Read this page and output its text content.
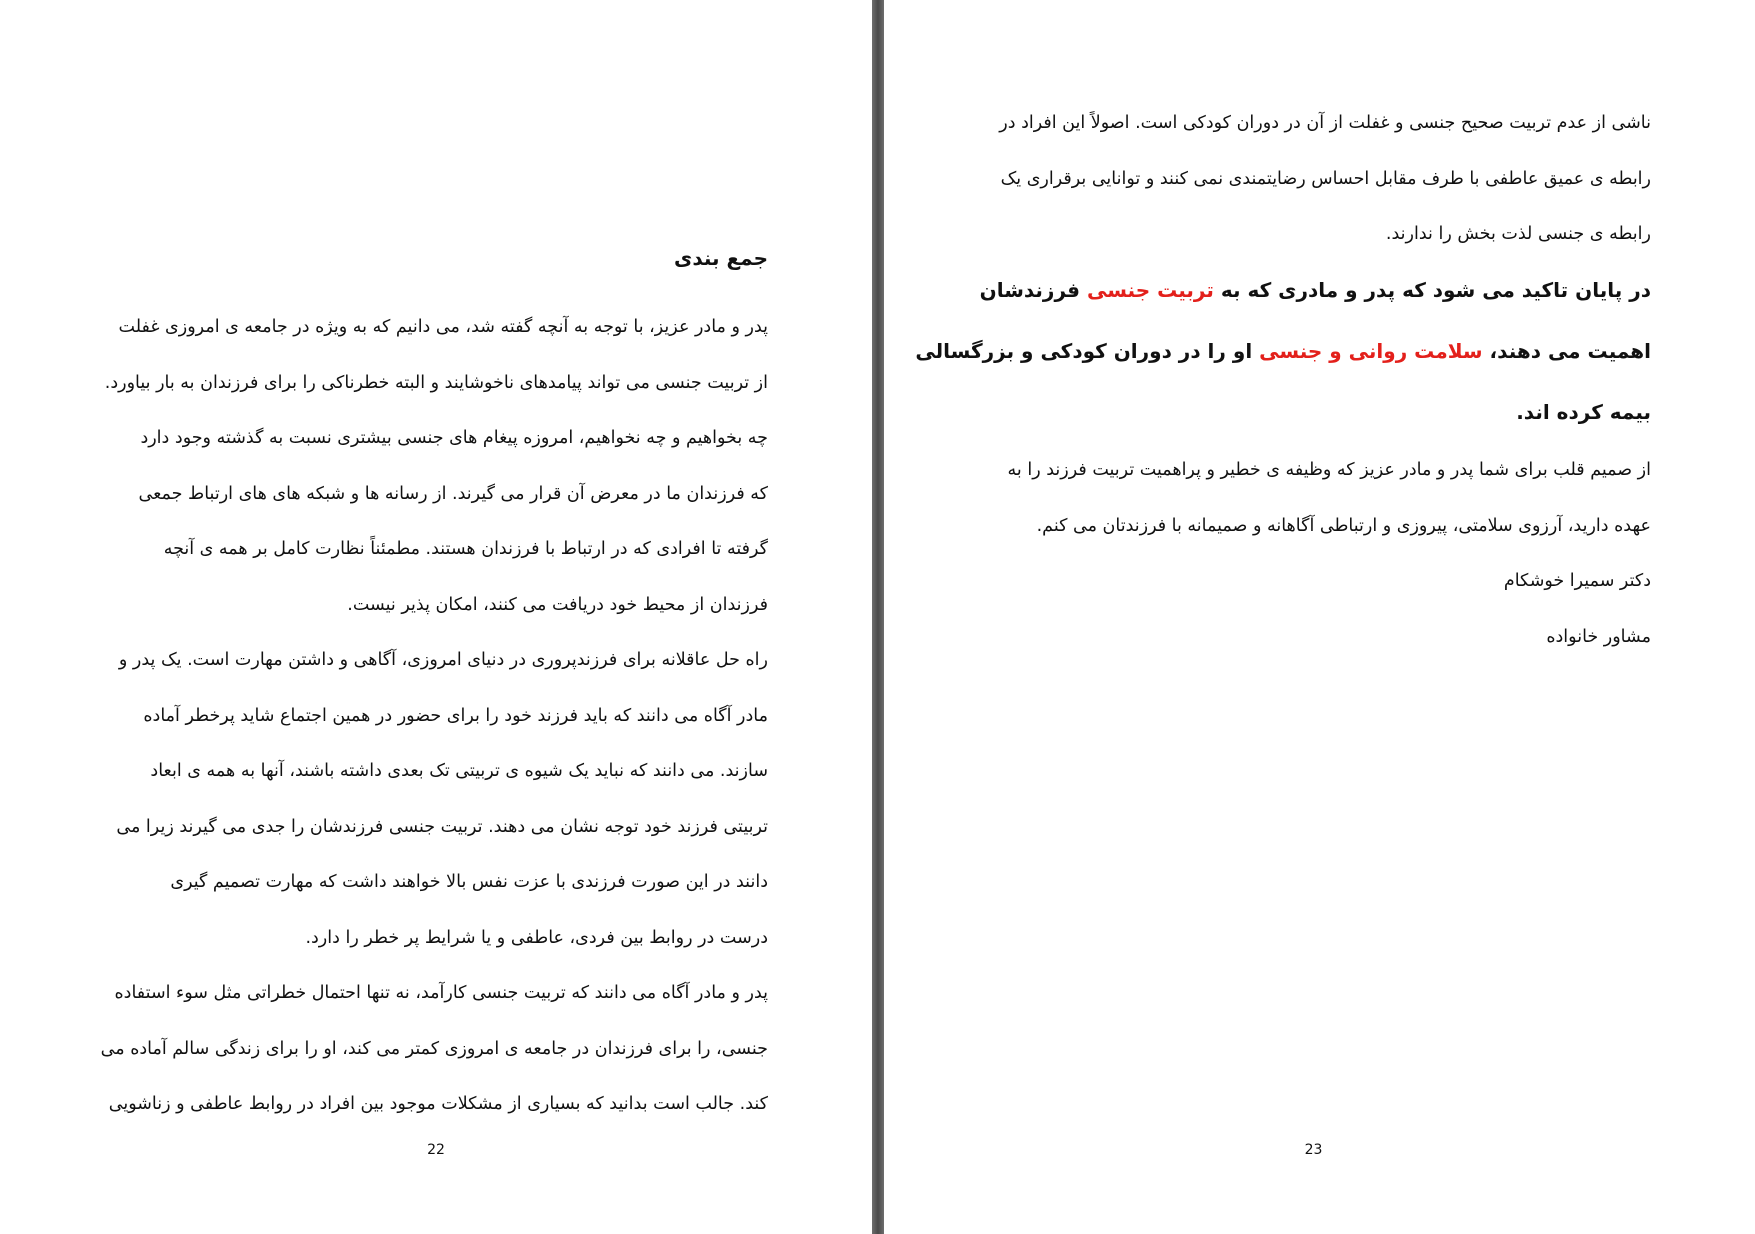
جمع بندی
پدر و مادر عزیز، با توجه به آنچه گفته شد، می دانیم که به ویژه در جامعه ی امروزی غفلت
از تربیت جنسی می تواند پیامدهای ناخوشایند و البته خطرناکی را برای فرزندان به بار بیاورد.
چه بخواهیم و چه نخواهیم، امروزه پیغام های جنسی بیشتری نسبت به گذشته وجود دارد
که فرزندان ما در معرض آن قرار می گیرند. از رسانه ها و شبکه های های ارتباط جمعی
گرفته تا افرادی که در ارتباط با فرزندان هستند. مطمئناً نظارت کامل بر همه ی آنچه
فرزندان از محیط خود دریافت می کنند، امکان پذیر نیست.
راه حل عاقلانه برای فرزندپروری در دنیای امروزی، آگاهی و داشتن مهارت است. یک پدر و
مادر آگاه می دانند که باید فرزند خود را برای حضور در همین اجتماع شاید پرخطر آماده
سازند. می دانند که نباید یک شیوه ی تربیتی تک بعدی داشته باشند، آنها به همه ی ابعاد
تربیتی فرزند خود توجه نشان می دهند. تربیت جنسی فرزندشان را جدی می گیرند زیرا می
دانند در این صورت فرزندی با عزت نفس بالا خواهند داشت که مهارت تصمیم گیری
درست در روابط بین فردی، عاطفی و یا شرایط پر خطر را دارد.
پدر و مادر آگاه می دانند که تربیت جنسی کارآمد، نه تنها احتمال خطراتی مثل سوء استفاده
جنسی، را برای فرزندان در جامعه ی امروزی کمتر می کند، او را برای زندگی سالم آماده می
کند. جالب است بدانید که بسیاری از مشکلات موجود بین افراد در روابط عاطفی و زناشویی
22
ناشی از عدم تربیت صحیح جنسی و غفلت از آن در دوران کودکی است. اصولاً این افراد در
رابطه ی عمیق عاطفی با طرف مقابل احساس رضایتمندی نمی کنند و توانایی برقراری یک
رابطه ی جنسی لذت بخش را ندارند.
در پایان تاکید می شود که پدر و مادری که به تربیت جنسی فرزندشان
اهمیت می دهند، سلامت روانی و جنسی او را در دوران کودکی و بزرگسالی
بیمه کرده اند.
از صمیم قلب برای شما پدر و مادر عزیز که وظیفه ی خطیر و پراهمیت تربیت فرزند را به
عهده دارید، آرزوی سلامتی، پیروزی و ارتباطی آگاهانه و صمیمانه با فرزندتان می کنم.
دکتر سمیرا خوشکام
مشاور خانواده
23
